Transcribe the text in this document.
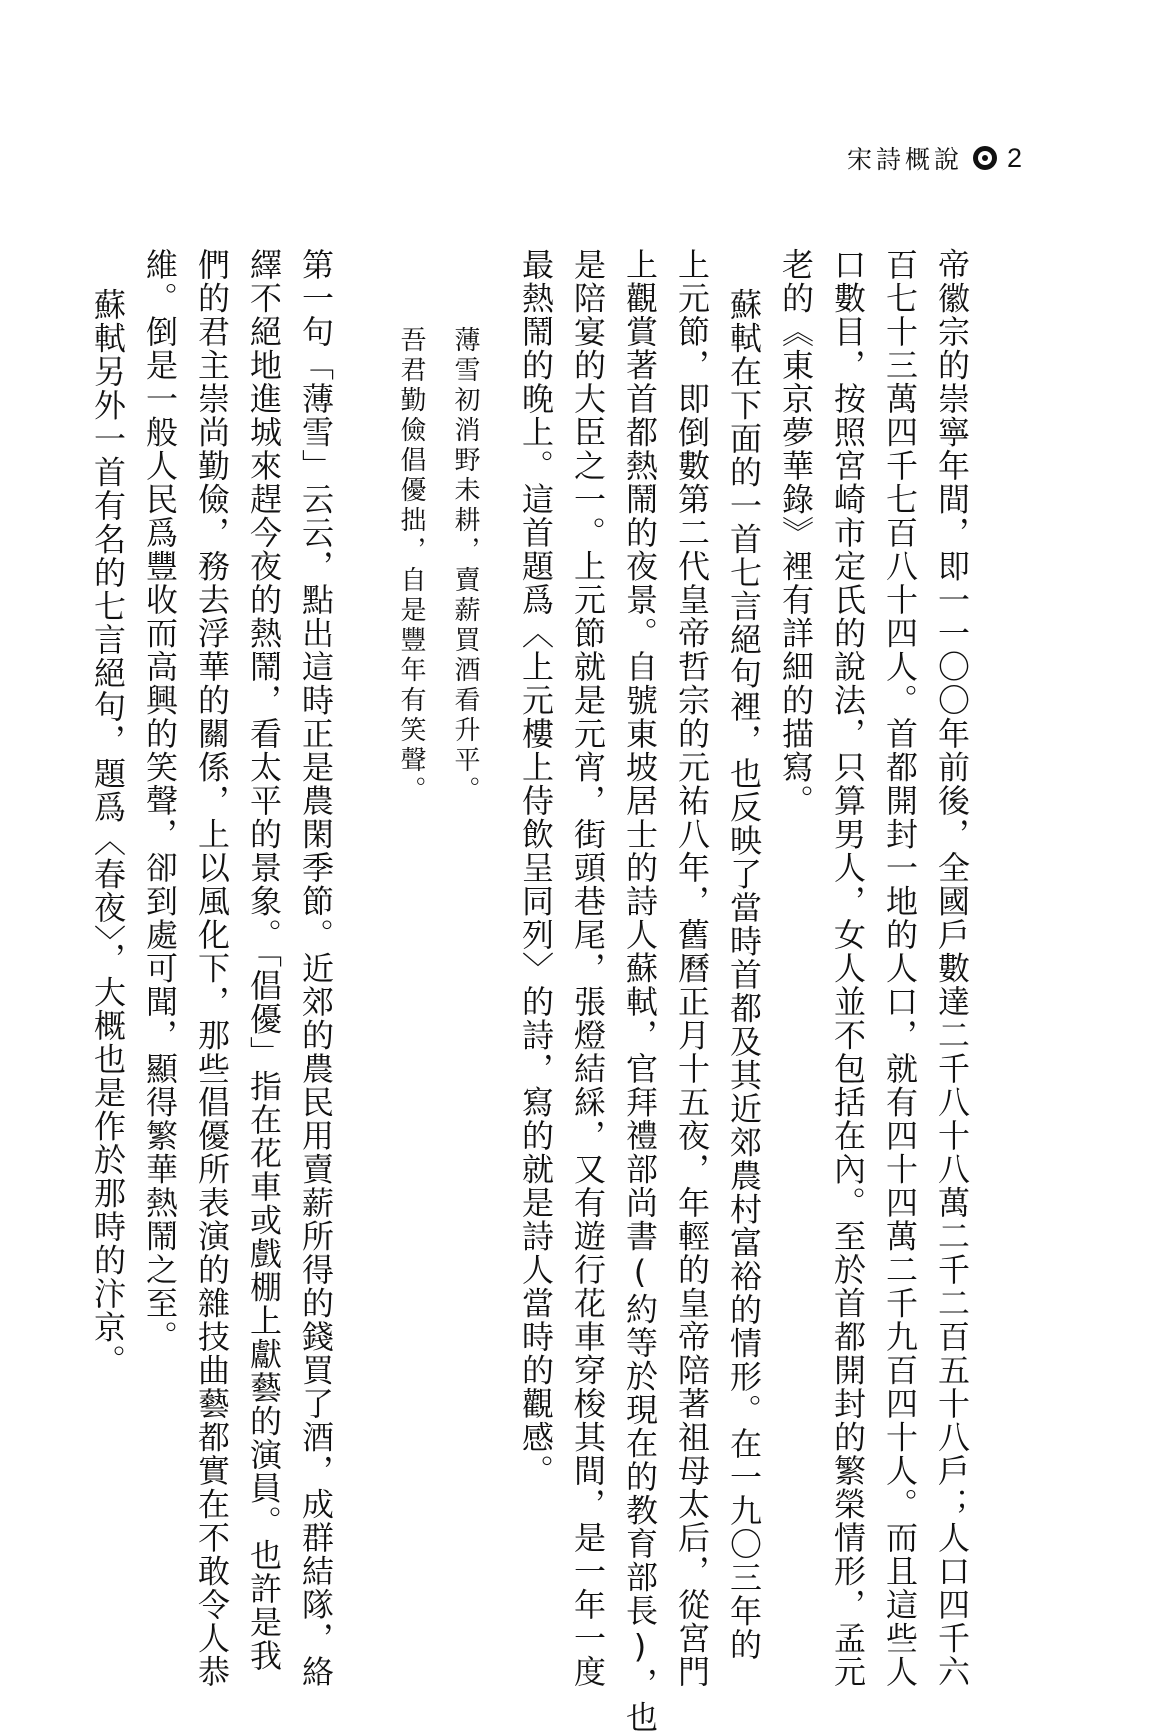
宋詩概說 2
帝徽宗的崇寧年間，即一一〇〇年前後，全國戶數達二千八十八萬二千二百五十八戶；人口四千六
百七十三萬四千七百八十四人。首都開封一地的人口，就有四十四萬二千九百四十人。而且這些人
口數目，按照宮崎市定氏的說法，只算男人，女人並不包括在內。至於首都開封的繁榮情形，孟元
老的《東京夢華錄》裡有詳細的描寫。
蘇軾在下面的一首七言絕句裡，也反映了當時首都及其近郊農村富裕的情形。在一九〇三年的
上元節，即倒數第二代皇帝哲宗的元祐八年，舊曆正月十五夜，年輕的皇帝陪著祖母太后，從宮門
上觀賞著首都熱鬧的夜景。自號東坡居士的詩人蘇軾，官拜禮部尚書(約等於現在的教育部長)，也
是陪宴的大臣之一。上元節就是元宵，街頭巷尾，張燈結綵，又有遊行花車穿梭其間，是一年一度
最熱鬧的晚上。這首題爲〈上元樓上侍飲呈同列〉的詩，寫的就是詩人當時的觀感。
薄雪初消野未耕，賣薪買酒看升平。
吾君勤儉倡優拙，自是豐年有笑聲。
第一句「薄雪」云云，點出這時正是農閑季節。近郊的農民用賣薪所得的錢買了酒，成群結隊，絡
繹不絕地進城來趕今夜的熱鬧，看太平的景象。「倡優」指在花車或戲棚上獻藝的演員。也許是我
們的君主崇尚勤儉，務去浮華的關係，上以風化下，那些倡優所表演的雜技曲藝都實在不敢令人恭
維。倒是一般人民爲豐收而高興的笑聲，卻到處可聞，顯得繁華熱鬧之至。
蘇軾另外一首有名的七言絕句，題爲〈春夜〉，大概也是作於那時的汴京。
